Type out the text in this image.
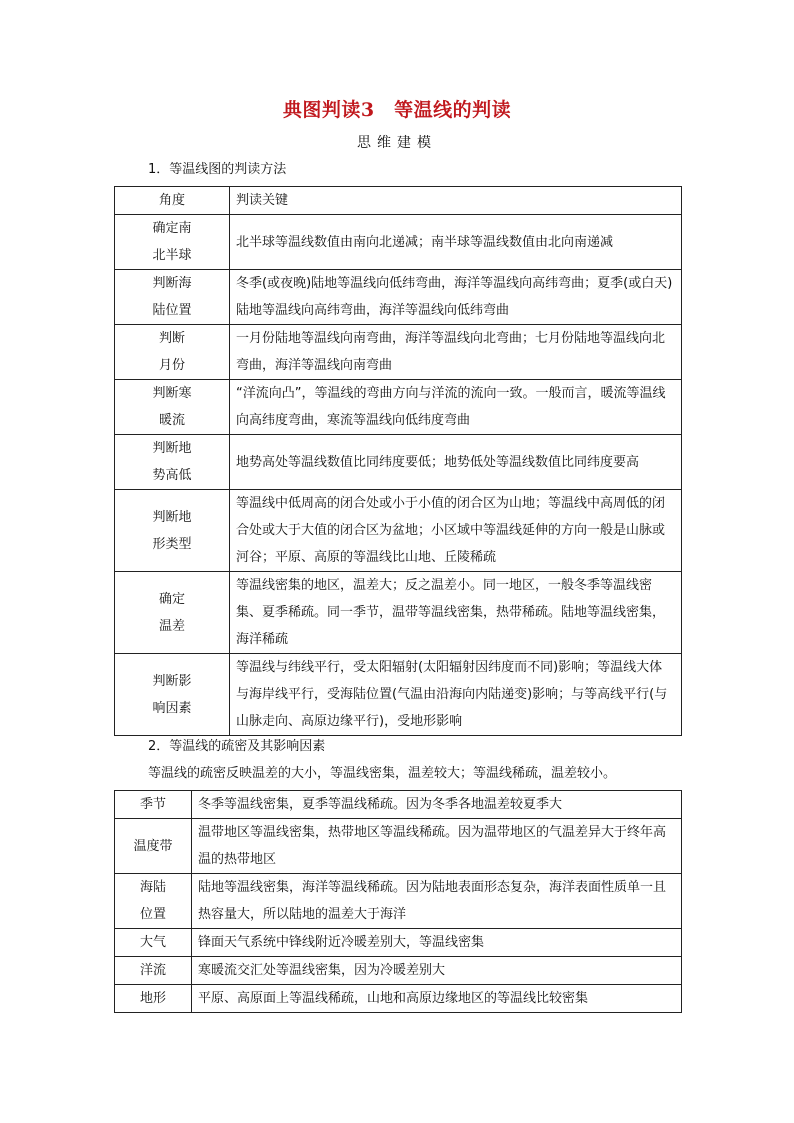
典图判读3　等温线的判读
思维建模
1．等温线图的判读方法
角度	判读关键

确定南
北半球	北半球等温线数值由南向北递减；南半球等温线数值由北向南递减

判断海
陆位置	冬季(或夜晚)陆地等温线向低纬弯曲，海洋等温线向高纬弯曲；夏季(或白天)陆地等温线向高纬弯曲，海洋等温线向低纬弯曲

判断
月份	一月份陆地等温线向南弯曲，海洋等温线向北弯曲；七月份陆地等温线向北弯曲，海洋等温线向南弯曲

判断寒
暖流	“洋流向凸”，等温线的弯曲方向与洋流的流向一致。一般而言，暖流等温线向高纬度弯曲，寒流等温线向低纬度弯曲

判断地
势高低	地势高处等温线数值比同纬度要低；地势低处等温线数值比同纬度要高

判断地
形类型	等温线中低周高的闭合处或小于小值的闭合区为山地；等温线中高周低的闭合处或大于大值的闭合区为盆地；小区域中等温线延伸的方向一般是山脉或河谷；平原、高原的等温线比山地、丘陵稀疏

确定
温差	等温线密集的地区，温差大；反之温差小。同一地区，一般冬季等温线密集、夏季稀疏。同一季节，温带等温线密集，热带稀疏。陆地等温线密集，海洋稀疏

判断影
响因素	等温线与纬线平行，受太阳辐射(太阳辐射因纬度而不同)影响；等温线大体与海岸线平行，受海陆位置(气温由沿海向内陆递变)影响；与等高线平行(与山脉走向、高原边缘平行)，受地形影响
2．等温线的疏密及其影响因素
等温线的疏密反映温差的大小，等温线密集，温差较大；等温线稀疏，温差较小。
季节	冬季等温线密集，夏季等温线稀疏。因为冬季各地温差较夏季大

温度带	温带地区等温线密集，热带地区等温线稀疏。因为温带地区的气温差异大于终年高温的热带地区

海陆
位置	陆地等温线密集，海洋等温线稀疏。因为陆地表面形态复杂，海洋表面性质单一且热容量大，所以陆地的温差大于海洋

大气	锋面天气系统中锋线附近冷暖差别大，等温线密集

洋流	寒暖流交汇处等温线密集，因为冷暖差别大

地形	平原、高原面上等温线稀疏，山地和高原边缘地区的等温线比较密集
